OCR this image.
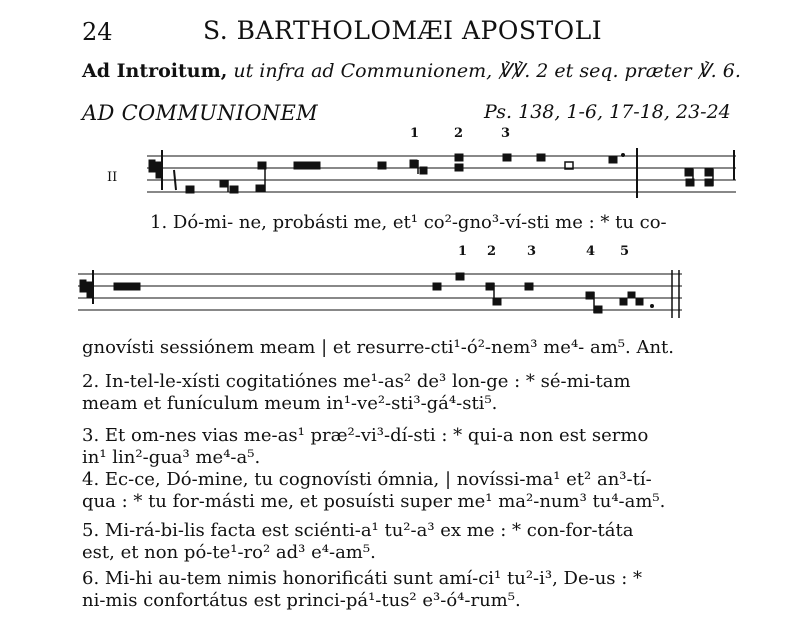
24	S. BARTHOLOMÆI APOSTOLI
Ad Introitum, ut infra ad Communionem, ℣℣. 2 et seq. præter ℣. 6.
AD COMMUNIONEM	Ps. 138, 1-6, 17-18, 23-24
1	2	3
II
1. Dó-mi- ne, probásti me, et¹ co²-gno³-ví-sti me : * tu co-
1 2 3	4 5
gnovísti sessiónem meam | et resurre-cti¹-ó²-nem³ me⁴- am⁵. Ant.
2. In-tel-le-xísti cogitatiónes me¹-as² de³ lon-ge : * sé-mi-tam
meam et funículum meum in¹-ve²-sti³-gá⁴-sti⁵.
3. Et om-nes vias me-as¹ præ²-vi³-dí-sti : * qui-a non est sermo
in¹ lin²-gua³ me⁴-a⁵.
4. Ec-ce, Dó-mine, tu cognovísti ómnia, | novíssi-ma¹ et² an³-tí-
qua : * tu for-másti me, et posuísti super me¹ ma²-num³ tu⁴-am⁵.
5. Mi-rá-bi-lis facta est sciénti-a¹ tu²-a³ ex me : * con-for-táta
est, et non pó-te¹-ro² ad³ e⁴-am⁵.
6. Mi-hi au-tem nimis honorificáti sunt amí-ci¹ tu²-i³, De-us : *
ni-mis confortátus est princi-pá¹-tus² e³-ó⁴-rum⁵.
